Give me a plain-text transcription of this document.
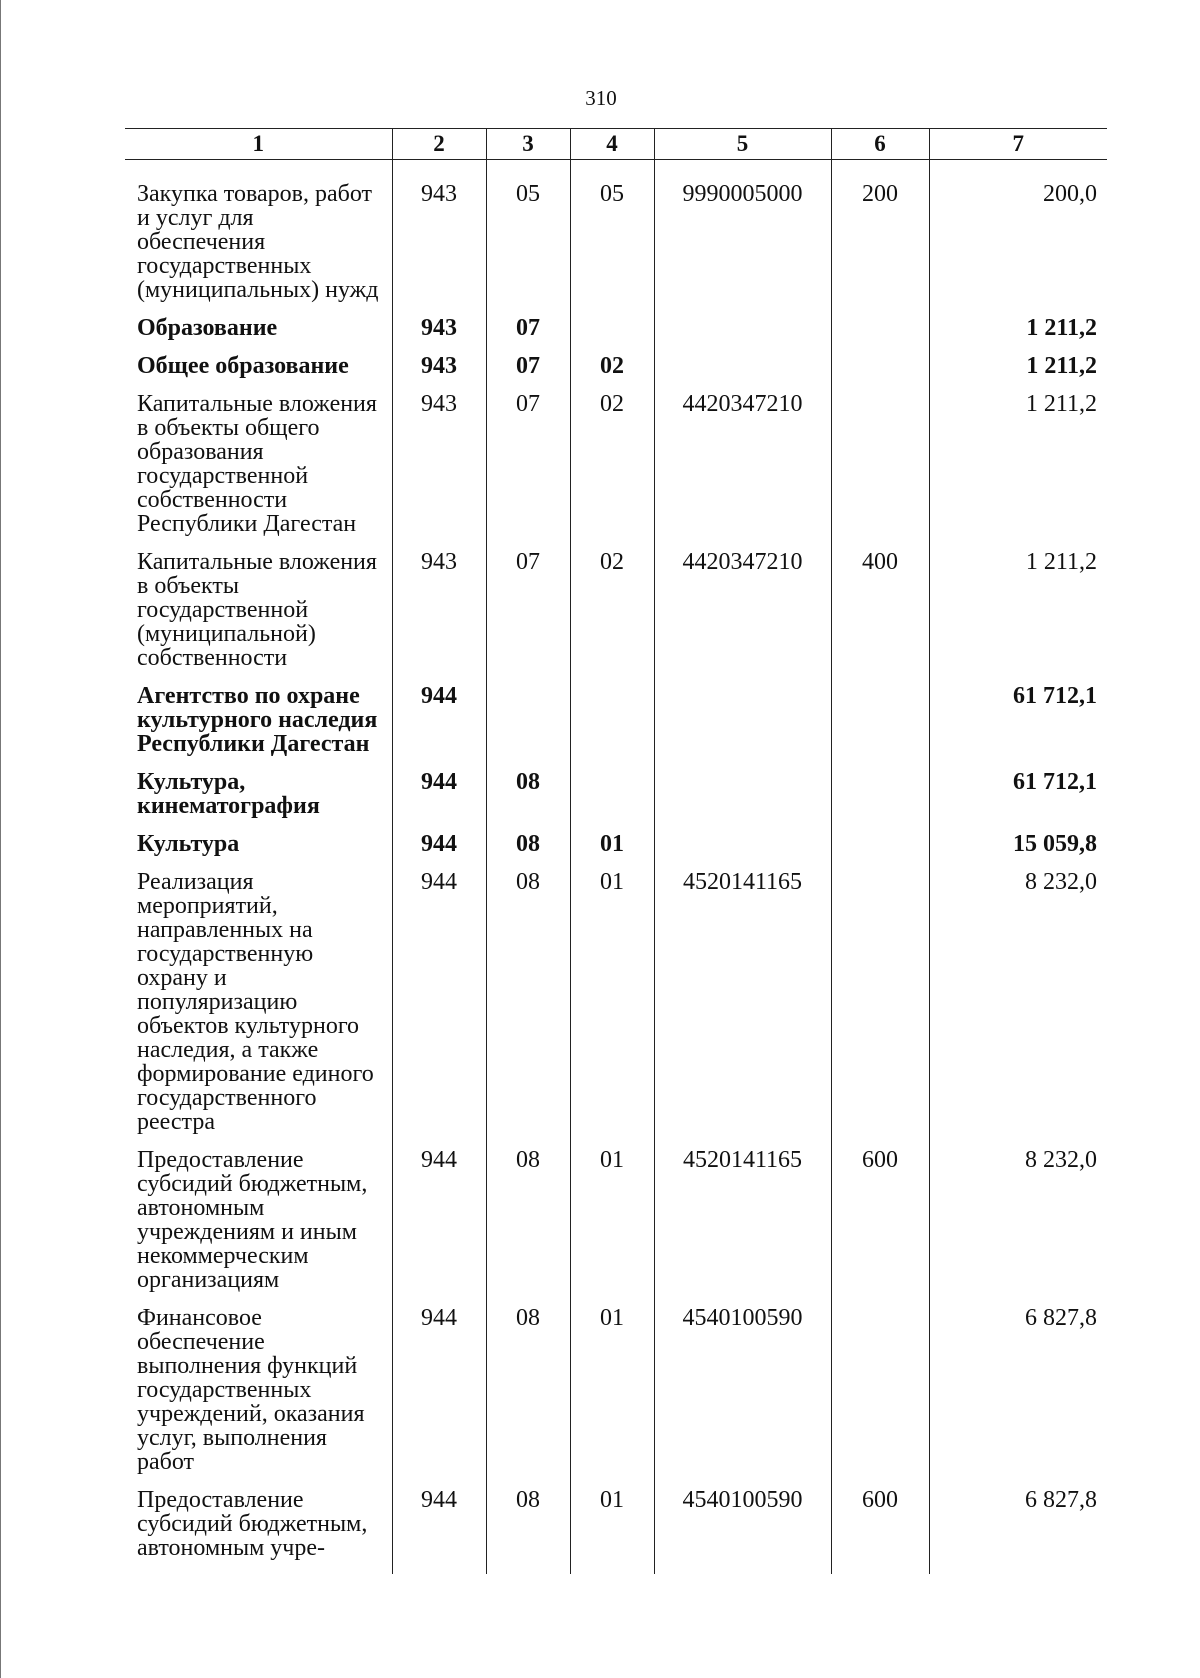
310
1	2	3	4	5	6	7

Закупка товаров, работ и услуг для обеспечения государственных (муниципальных) нужд	943	05	05	9990005000	200	200,0
Образование	943	07				1 211,2
Общее образование	943	07	02			1 211,2
Капитальные вложения в объекты общего образования государственной собственности Республики Дагестан	943	07	02	4420347210		1 211,2
Капитальные вложения в объекты государственной (муниципальной) собственности	943	07	02	4420347210	400	1 211,2
Агентство по охране культурного наследия Республики Дагестан	944					61 712,1
Культура, кинематография	944	08				61 712,1
Культура	944	08	01			15 059,8
Реализация мероприятий, направленных на государственную охрану и популяризацию объектов культурного наследия, а также формирование единого государственного реестра	944	08	01	4520141165		8 232,0
Предоставление субсидий бюджетным, автономным учреждениям и иным некоммерческим организациям	944	08	01	4520141165	600	8 232,0
Финансовое обеспечение выполнения функций государственных учреждений, оказания услуг, выполнения работ	944	08	01	4540100590		6 827,8
Предоставление субсидий бюджетным, автономным учре-	944	08	01	4540100590	600	6 827,8
